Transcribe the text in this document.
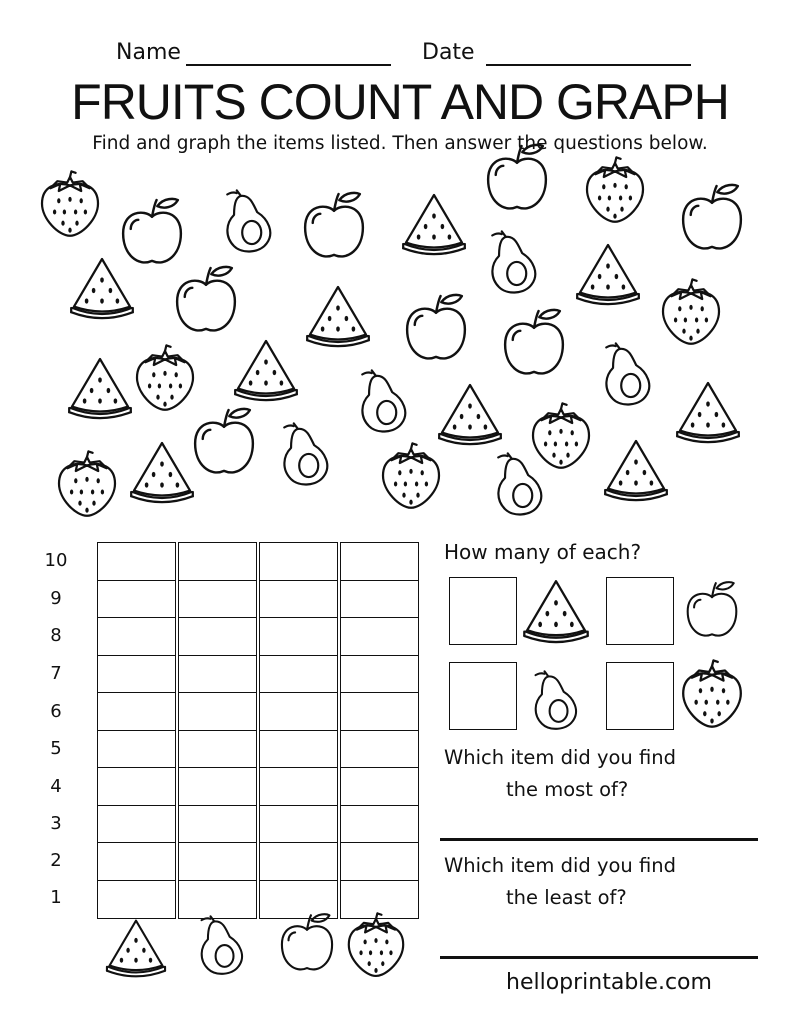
Name	Date
FRUITS COUNT AND GRAPH
Find and graph the items listed. Then answer the questions below.
10
9
8
7
6
5
4
3
2
1
How many of each?
Which item did you find
the most of?
Which item did you find
the least of?
helloprintable.com
